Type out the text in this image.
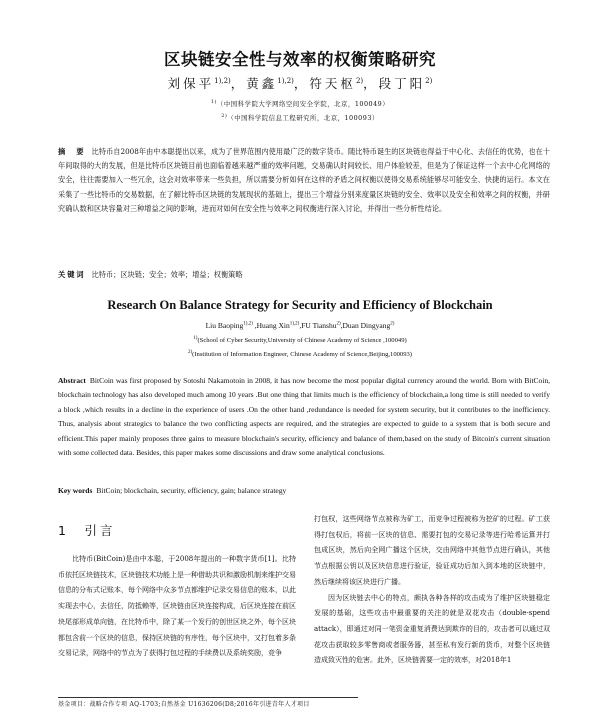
区块链安全性与效率的权衡策略研究
刘保平$^{1),2)}$，黄鑫$^{1),2)}$，符天枢$^{2)}$，段丁阳$^{2)}$
$^{1)}$（中国科学院大学网络空间安全学院，北京，100049）
$^{2)}$（中国科学院信息工程研究所，北京，100093）
摘　要 比特币自2008年由中本聪提出以来，成为了世界范围内使用最广泛的数字货币。随比特币诞生的区块链也得益于中心化、去信任的优势，也在十年间取得的大的发展，但是比特币区块链目前也面临着越来越严重的效率问题，交易确认时间较长、用户体验较差，但是为了保证这样一个去中心化网络的安全，往往需要加入一些冗余，这会对效率带来一些负担，所以需要分析如何在这样的矛盾之间权衡以使得交易系统能够尽可能安全、快捷的运行。本文在采集了一些比特币的交易数据，在了解比特币区块链的发展现状的基础上，提出三个增益分别来度量区块链的安全、效率以及安全和效率之间的权衡，并研究确认数和区块容量对三种增益之间的影响，进而对如何在安全性与效率之间权衡进行深入讨论，并得出一些分析性结论。
关键词 比特币；区块链；安全；效率；增益；权衡策略
Research On Balance Strategy for Security and Efficiency of Blockchain
Liu Baoping$^{1),2)}$ ,Huang Xin$^{1),2)}$,FU Tianshu$^{2)}$,Duan Dingyang$^{2)}$
$^{1)}$(School of Cyber Security,University of Chinese Academy of Science ,100049)
$^{2)}$(Institution of Information Engineer, Chinese Academy of Science,Beijing,100093)
Abstract BitCoin was first proposed by Sotoshi Nakamotoin in 2008, it has now become the most popular digital currency around the world. Born with BitCoin, blockchain technology has also developed much among 10 years .But one thing that limits much is the efficiency of blockchain,a long time is still needed to verify a block ,which results in a decline in the experience of users .On the other hand ,redundance is needed for system security, but it contributes to the inefficiency. Thus, analysis about strategics to balance the two conflicting aspects are required, and the strategies are expected to guide to a system that is both secure and efficient.This paper mainly proposes three gains to measure blockchain's security, efficiency and balance of them,based on the study of Bitcoin's current situation with some collected data. Besides, this paper makes some discussions and draw some analytical conclusions.
Key words BitCoin; blockchain, security, efficiency, gain; balance strategy
1　引言
比特币(BitCoin)是由中本聪，于2008年提出的一种数字货币[1]。比特币依托区块链技术，区块链技术功能上是一种借助共识和激励机制来维护交易信息的分布式记账本，每个网络中众多节点都维护记录交易信息的账本，以此实现去中心，去信任，防抵赖等，区块链由区块连接构成，后区块连接在前区块尾部形成单向链，在比特币中，除了某一个发行的创世区块之外，每个区块都包含前一个区块的信息，保持区块链的有序性，每个区块中，又打包着多条交易记录，网络中的节点为了获得打包过程的手续费以及系统奖励，竞争
打包权，这些网络节点被称为矿工，而竞争过程被称为挖矿的过程。矿工获得打包权后，将前一区块的信息、需要打包的交易记录等进行哈希运算并打包成区块，然后向全网广播这个区块，交由网络中其他节点进行确认，其他节点根据公钥以及区块信息进行验证，验证成功后加入到本地的区块链中，然后继续将该区块进行广播。
因为区块链去中心的特点，颇执各种各样的攻击成为了维护区块链稳定发展的基础，这些攻击中最重要的关注的就是双花攻击（double-spend attack），即通过对同一笔资金重复消费达到欺诈的目的，攻击者可以通过双花攻击获取较多零售商或者服务器，甚至私有发行新的货币，对整个区块链造成致灭性的危害。此外，区块链需要一定的效率，对2018年1
基金项目：战略合作专项 AQ-1703;自然基金 U1636206(D8;2016年引进青年人才项目
